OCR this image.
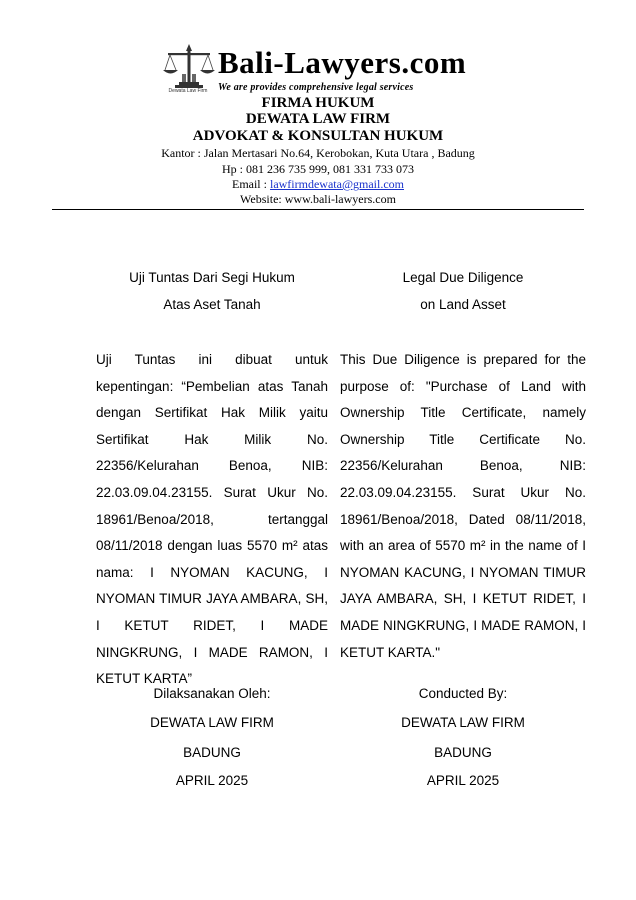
Dewata Law Firm
Bali-Lawyers.com
We are provides comprehensive legal services
FIRMA HUKUM
DEWATA LAW FIRM
ADVOKAT & KONSULTAN HUKUM
Kantor : Jalan Mertasari No.64, Kerobokan, Kuta Utara , Badung
Hp : 081 236 735 999, 081 331 733 073
Email : lawfirmdewata@gmail.com
Website: www.bali-lawyers.com
Uji Tuntas Dari Segi Hukum
Atas Aset Tanah
Uji Tuntas ini dibuat untuk kepentingan: “Pembelian atas Tanah dengan Sertifikat Hak Milik yaitu Sertifikat Hak Milik No. 22356/Kelurahan Benoa, NIB: 22.03.09.04.23155. Surat Ukur No. 18961/Benoa/2018, tertanggal 08/11/2018 dengan luas 5570 m² atas nama: I NYOMAN KACUNG, I NYOMAN TIMUR JAYA AMBARA, SH, I KETUT RIDET, I MADE NINGKRUNG, I MADE RAMON, I KETUT KARTA”
Dilaksanakan Oleh:
DEWATA LAW FIRM
BADUNG
APRIL 2025
Legal Due Diligence
on Land Asset
This Due Diligence is prepared for the purpose of: "Purchase of Land with Ownership Title Certificate, namely Ownership Title Certificate No. 22356/Kelurahan Benoa, NIB: 22.03.09.04.23155. Surat Ukur No. 18961/Benoa/2018, Dated 08/11/2018, with an area of 5570 m² in the name of I NYOMAN KACUNG, I NYOMAN TIMUR JAYA AMBARA, SH, I KETUT RIDET, I MADE NINGKRUNG, I MADE RAMON, I KETUT KARTA."
Conducted By:
DEWATA LAW FIRM
BADUNG
APRIL 2025
